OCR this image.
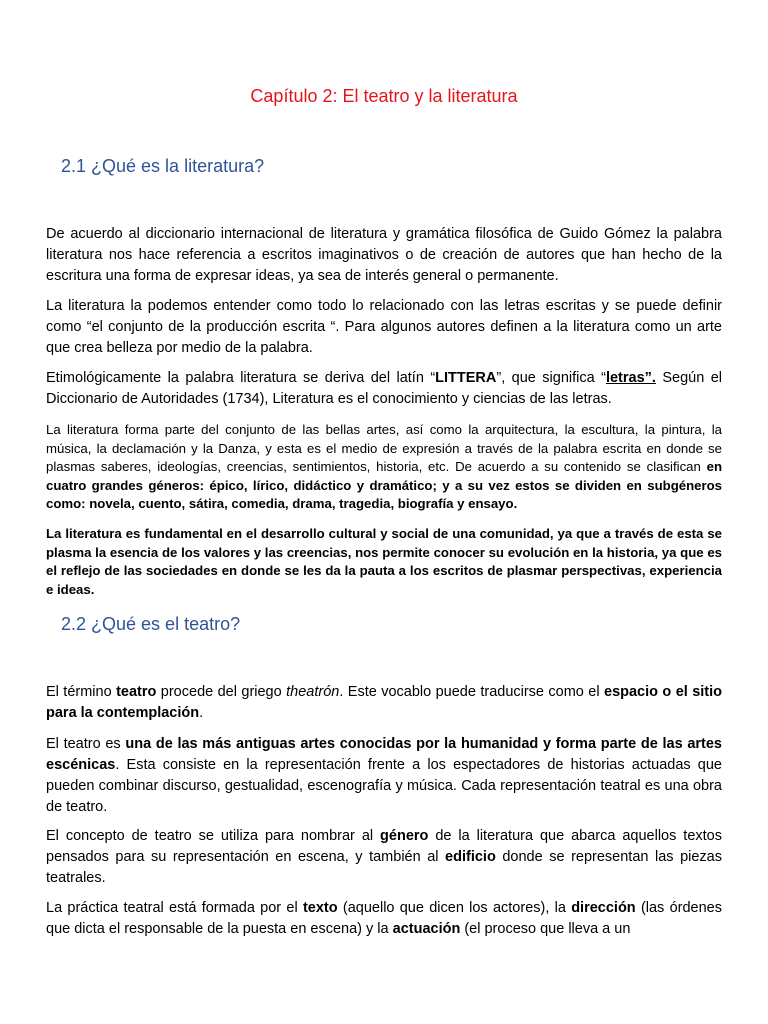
Capítulo 2: El teatro y la literatura
2.1 ¿Qué es la literatura?

De acuerdo al diccionario internacional de literatura y gramática filosófica de Guido Gómez la palabra literatura nos hace referencia a escritos imaginativos o de creación de autores que han hecho de la escritura una forma de expresar ideas, ya sea de interés general o permanente.

La literatura la podemos entender como todo lo relacionado con las letras escritas y se puede definir como “el conjunto de la producción escrita “. Para algunos autores definen a la literatura como un arte que crea belleza por medio de la palabra.

Etimológicamente la palabra literatura se deriva del latín “LITTERA”, que significa “letras”. Según el Diccionario de Autoridades (1734), Literatura es el conocimiento y ciencias de las letras.

La literatura forma parte del conjunto de las bellas artes, así como la arquitectura, la escultura, la pintura, la música, la declamación y la Danza, y esta es el medio de expresión a través de la palabra escrita en donde se plasmas saberes, ideologías, creencias, sentimientos, historia, etc. De acuerdo a su contenido se clasifican en cuatro grandes géneros: épico, lírico, didáctico y dramático; y a su vez estos se dividen en subgéneros como: novela, cuento, sátira, comedia, drama, tragedia, biografía y ensayo.

La literatura es fundamental en el desarrollo cultural y social de una comunidad, ya que a través de esta se plasma la esencia de los valores y las creencias, nos permite conocer su evolución en la historia, ya que es el reflejo de las sociedades en donde se les da la pauta a los escritos de plasmar perspectivas, experiencia e ideas.

2.2 ¿Qué es el teatro?

El término teatro procede del griego theatrón. Este vocablo puede traducirse como el espacio o el sitio para la contemplación.

El teatro es una de las más antiguas artes conocidas por la humanidad y forma parte de las artes escénicas. Esta consiste en la representación frente a los espectadores de historias actuadas que pueden combinar discurso, gestualidad, escenografía y música. Cada representación teatral es una obra de teatro.

El concepto de teatro se utiliza para nombrar al género de la literatura que abarca aquellos textos pensados para su representación en escena, y también al edificio donde se representan las piezas teatrales.

La práctica teatral está formada por el texto (aquello que dicen los actores), la dirección (las órdenes que dicta el responsable de la puesta en escena) y la actuación (el proceso que lleva a un
